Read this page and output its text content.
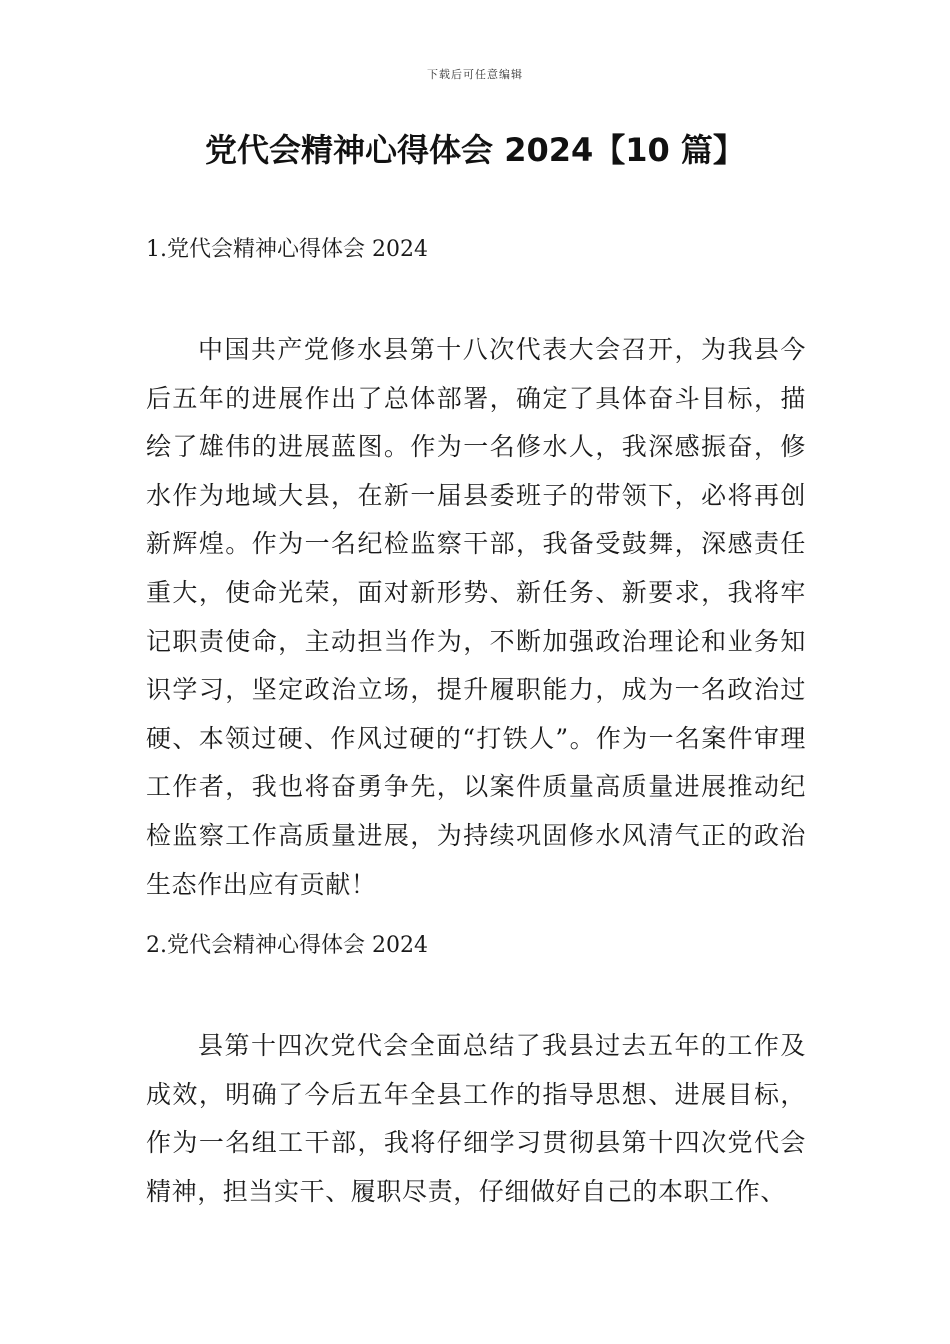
下载后可任意编辑
党代会精神心得体会 2024【10 篇】
1.党代会精神心得体会 2024

中国共产党修水县第十八次代表大会召开，为我县今后五年的进展作出了总体部署，确定了具体奋斗目标，描绘了雄伟的进展蓝图。作为一名修水人，我深感振奋，修水作为地域大县，在新一届县委班子的带领下，必将再创新辉煌。作为一名纪检监察干部，我备受鼓舞，深感责任重大，使命光荣，面对新形势、新任务、新要求，我将牢记职责使命，主动担当作为，不断加强政治理论和业务知识学习，坚定政治立场，提升履职能力，成为一名政治过硬、本领过硬、作风过硬的“打铁人”。作为一名案件审理工作者，我也将奋勇争先，以案件质量高质量进展推动纪检监察工作高质量进展，为持续巩固修水风清气正的政治生态作出应有贡献！

2.党代会精神心得体会 2024

县第十四次党代会全面总结了我县过去五年的工作及成效，明确了今后五年全县工作的指导思想、进展目标，作为一名组工干部，我将仔细学习贯彻县第十四次党代会精神，担当实干、履职尽责，仔细做好自己的本职工作、
